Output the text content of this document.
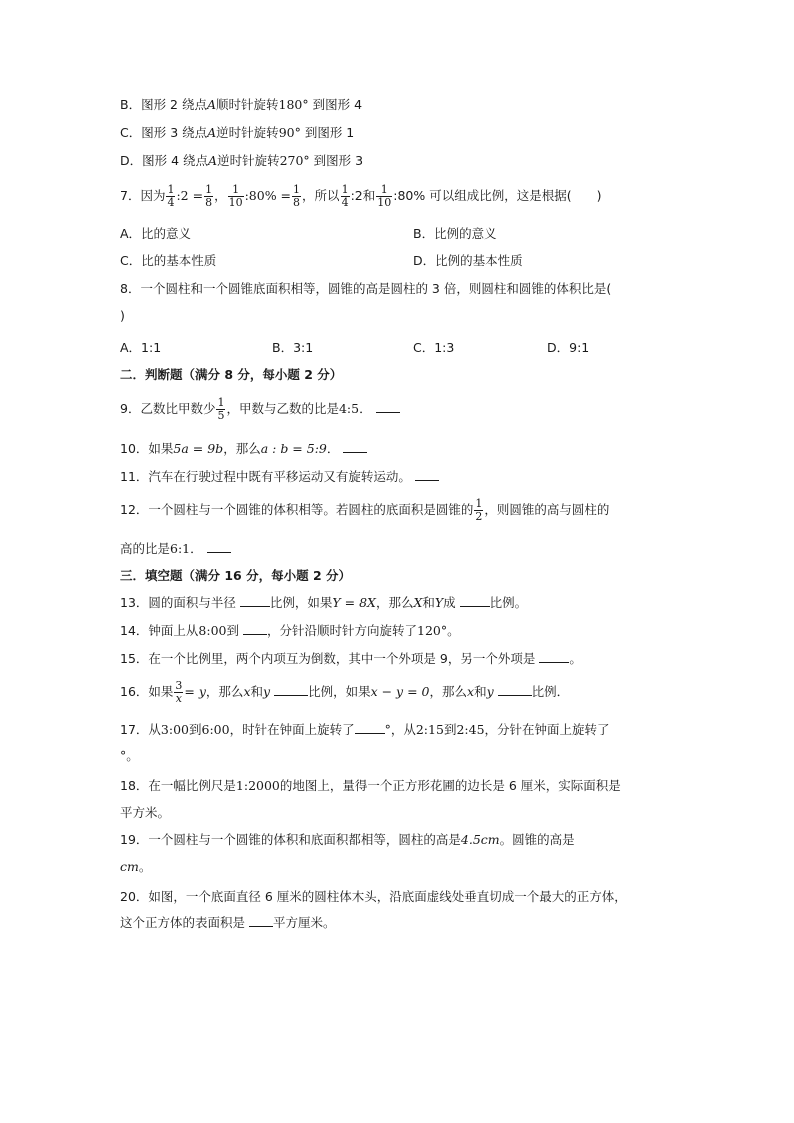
B．图形 2 绕点A顺时针旋转180° 到图形 4
C．图形 3 绕点A逆时针旋转90° 到图形 1
D．图形 4 绕点A逆时针旋转270° 到图形 3
7．因为 $\frac{1}{4}$ :2 = $\frac{1}{8}$ ， $\frac{1}{10}$ :80% = $\frac{1}{8}$ ，所以 $\frac{1}{4}$ :2和 $\frac{1}{10}$ :80% 可以组成比例，这是根据(　　)
A．比的意义	B．比例的意义
C．比的基本性质	D．比例的基本性质
8．一个圆柱和一个圆锥底面积相等，圆锥的高是圆柱的 3 倍，则圆柱和圆锥的体积比是(
)
A．1:1	B．3:1	C．1:3	D．9:1
二．判断题（满分 8 分，每小题 2 分）
9．乙数比甲数少 $\frac{1}{5}$ ，甲数与乙数的比是4:5．
10．如果5a = 9b，那么a : b = 5:9．
11．汽车在行驶过程中既有平移运动又有旋转运动。
12．一个圆柱与一个圆锥的体积相等。若圆柱的底面积是圆锥的 $\frac{1}{2}$ ，则圆锥的高与圆柱的
高的比是6:1．
三．填空题（满分 16 分，每小题 2 分）
13．圆的面积与半径	比例，如果Y = 8X，那么X和Y成	比例。
14．钟面上从8:00到 ，分针沿顺时针方向旋转了120°。
15．在一个比例里，两个内项互为倒数，其中一个外项是 9，另一个外项是	。
16．如果 $\frac{3}{x} = y$，那么x和y	比例，如果x − y = 0，那么x和y	比例．
17．从3:00到6:00，时针在钟面上旋转了 °，从2:15到2:45，分针在钟面上旋转了
°。
18．在一幅比例尺是1:2000的地图上，量得一个正方形花圃的边长是 6 厘米，实际面积是
平方米。
19．一个圆柱与一个圆锥的体积和底面积都相等，圆柱的高是4.5cm。圆锥的高是
cm。
20．如图，一个底面直径 6 厘米的圆柱体木头，沿底面虚线处垂直切成一个最大的正方体，
这个正方体的表面积是 平方厘米。
